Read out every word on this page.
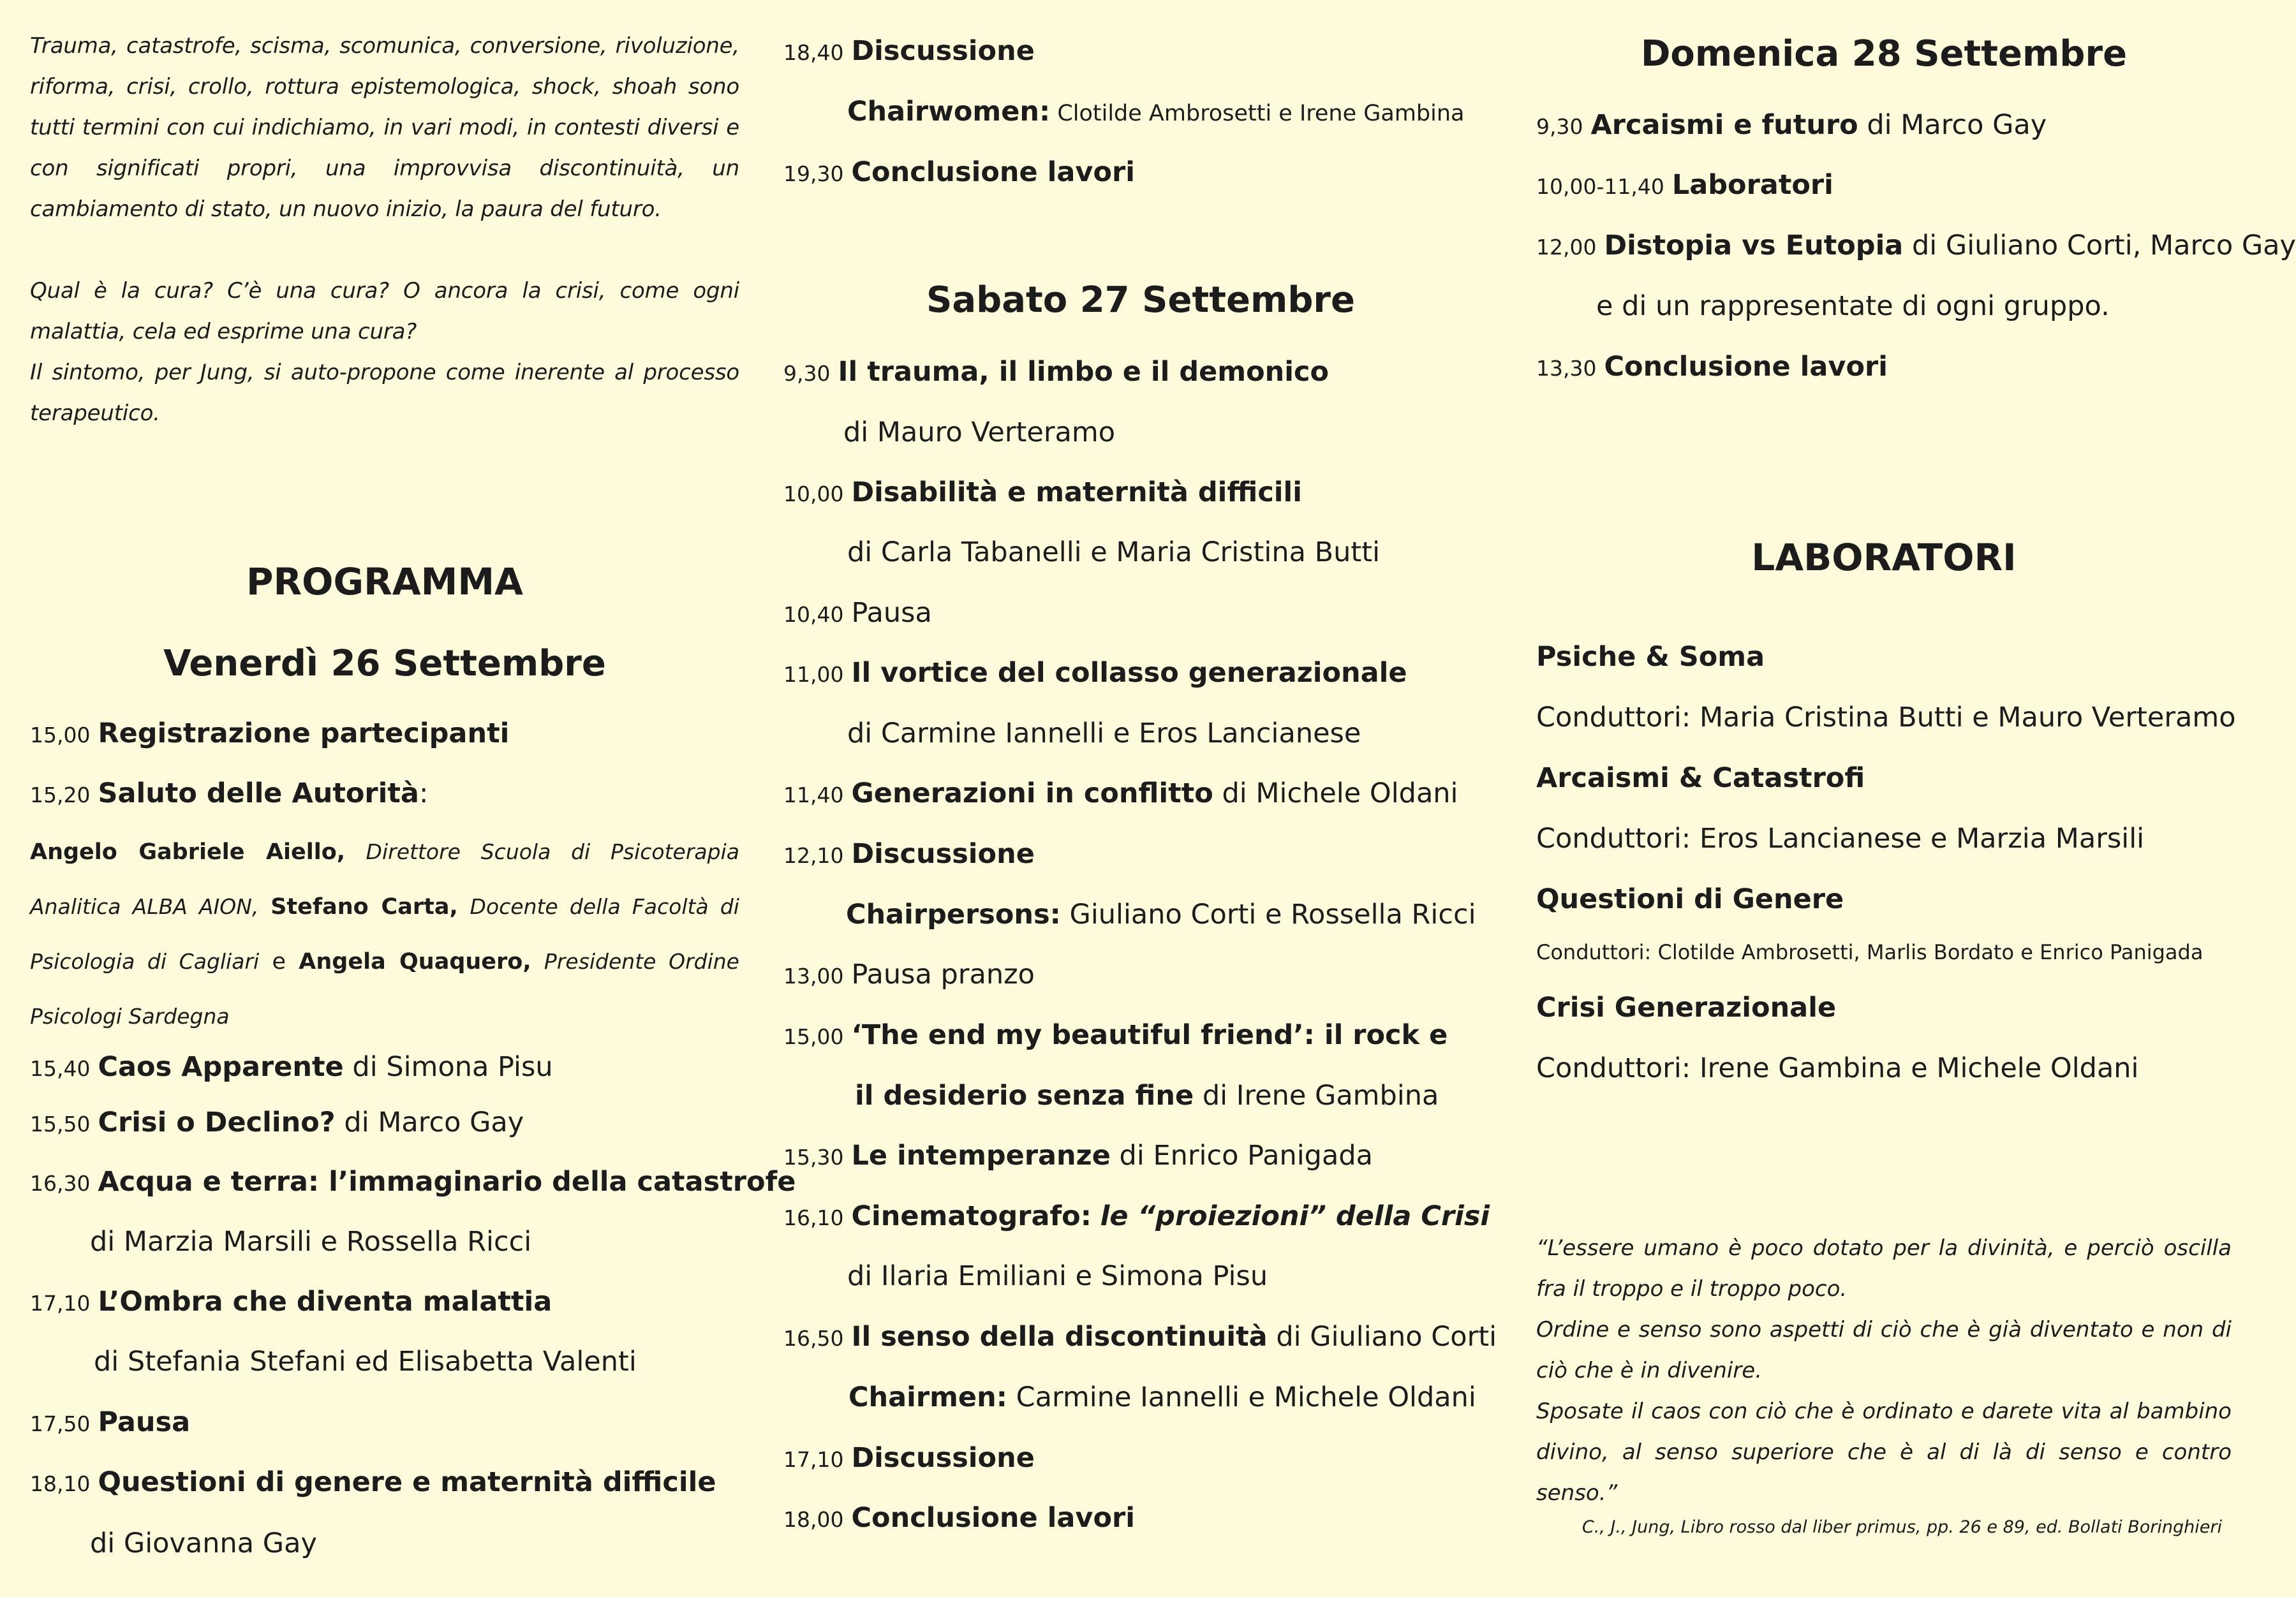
Trauma, catastrofe, scisma, scomunica, conversione, rivoluzione, riforma, crisi, crollo, rottura epistemologica, shock, shoah sono tutti termini con cui indichiamo, in vari modi, in contesti diversi e con significati propri, una improvvisa discontinuità, un cambiamento di stato, un nuovo inizio, la paura del futuro.

Qual è la cura? C’è una cura? O ancora la crisi, come ogni malattia, cela ed esprime una cura?

Il sintomo, per Jung, si auto-propone come inerente al processo terapeutico.

PROGRAMMA
Venerdì 26 Settembre
15,00 Registrazione partecipanti
15,20 Saluto delle Autorità:
Angelo Gabriele Aiello, Direttore Scuola di Psicoterapia Analitica ALBA AION, Stefano Carta, Docente della Facoltà di Psicologia di Cagliari e Angela Quaquero, Presidente Ordine Psicologi Sardegna
15,40 Caos Apparente di Simona Pisu
15,50 Crisi o Declino? di Marco Gay
16,30 Acqua e terra: l’immaginario della catastrofe
di Marzia Marsili e Rossella Ricci
17,10 L’Ombra che diventa malattia
di Stefania Stefani ed Elisabetta Valenti
17,50 Pausa
18,10 Questioni di genere e maternità difficile
di Giovanna Gay
18,40 Discussione
Chairwomen: Clotilde Ambrosetti e Irene Gambina
19,30 Conclusione lavori
Sabato 27 Settembre
9,30 Il trauma, il limbo e il demonico
di Mauro Verteramo
10,00 Disabilità e maternità difficili
di Carla Tabanelli e Maria Cristina Butti
10,40 Pausa
11,00 Il vortice del collasso generazionale
di Carmine Iannelli e Eros Lancianese
11,40 Generazioni in conflitto di Michele Oldani
12,10 Discussione
Chairpersons: Giuliano Corti e Rossella Ricci
13,00 Pausa pranzo
15,00 ‘The end my beautiful friend’: il rock e
il desiderio senza fine di Irene Gambina
15,30 Le intemperanze di Enrico Panigada
16,10 Cinematografo: le “proiezioni” della Crisi
di Ilaria Emiliani e Simona Pisu
16,50 Il senso della discontinuità di Giuliano Corti
Chairmen: Carmine Iannelli e Michele Oldani
17,10 Discussione
18,00 Conclusione lavori
Domenica 28 Settembre
9,30 Arcaismi e futuro di Marco Gay
10,00-11,40 Laboratori
12,00 Distopia vs Eutopia di Giuliano Corti, Marco Gay
e di un rappresentate di ogni gruppo.
13,30 Conclusione lavori
LABORATORI
Psiche & Soma
Conduttori: Maria Cristina Butti e Mauro Verteramo
Arcaismi & Catastrofi
Conduttori: Eros Lancianese e Marzia Marsili
Questioni di Genere
Conduttori: Clotilde Ambrosetti, Marlis Bordato e Enrico Panigada
Crisi Generazionale
Conduttori: Irene Gambina e Michele Oldani

“L’essere umano è poco dotato per la divinità, e perciò oscilla fra il troppo e il troppo poco.

Ordine e senso sono aspetti di ciò che è già diventato e non di ciò che è in divenire.

Sposate il caos con ciò che è ordinato e darete vita al bambino divino, al senso superiore che è al di là di senso e contro senso.”

C., J., Jung, Libro rosso dal liber primus, pp. 26 e 89, ed. Bollati Boringhieri
